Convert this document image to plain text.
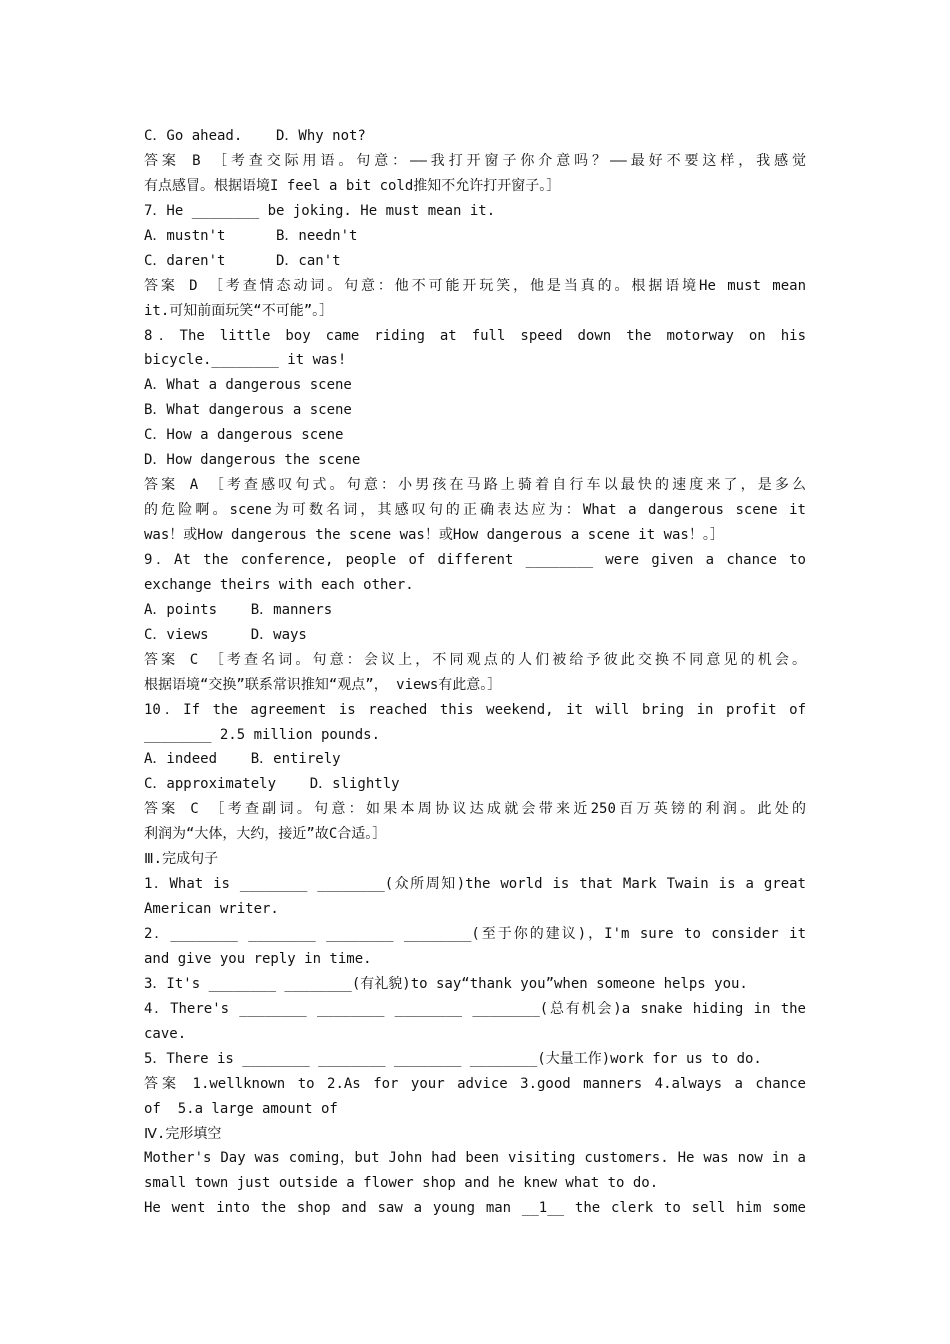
C．Go ahead.    D．Why not?
答案 B ［考查交际用语。句意：——我打开窗子你介意吗？——最好不要这样，我感觉
有点感冒。根据语境I feel a bit cold推知不允许打开窗子。］
7．He ________ be joking. He must mean it.
A．mustn't      B．needn't
C．daren't      D．can't
答案 D ［考查情态动词。句意：他不可能开玩笑，他是当真的。根据语境He must mean
it.可知前面玩笑“不可能”。］
8．The little boy came riding at full speed down the motorway on his
bicycle.________ it was!
A．What a dangerous scene
B．What dangerous a scene
C．How a dangerous scene
D．How dangerous the scene
答案 A ［考查感叹句式。句意：小男孩在马路上骑着自行车以最快的速度来了，是多么
的危险啊。scene为可数名词，其感叹句的正确表达应为：What a dangerous scene it
was！或How dangerous the scene was！或How dangerous a scene it was！。］
9．At the conference, people of different ________ were given a chance to
exchange theirs with each other.
A．points    B．manners
C．views     D．ways
答案 C ［考查名词。句意：会议上，不同观点的人们被给予彼此交换不同意见的机会。
根据语境“交换”联系常识推知“观点”， views有此意。］
10．If the agreement is reached this weekend, it will bring in profit of
________ 2.5 million pounds.
A．indeed    B．entirely
C．approximately    D．slightly
答案 C ［考查副词。句意：如果本周协议达成就会带来近250百万英镑的利润。此处的
利润为“大体，大约，接近”故C合适。］
Ⅲ.完成句子
1．What is ________ ________(众所周知)the world is that Mark Twain is a great
American writer.
2．________ ________ ________ ________(至于你的建议)，I'm sure to consider it
and give you reply in time.
3．It's ________ ________(有礼貌)to say“thank you”when someone helps you.
4．There's ________ ________ ________ ________(总有机会)a snake hiding in the
cave.
5．There is ________ ________ ________ ________(大量工作)work for us to do.
答案 1.wellknown to 2.As for your advice 3.good manners 4.always a chance
of  5.a large amount of
Ⅳ.完形填空
Mother's Day was coming，but John had been visiting customers. He was now in a
small town just outside a flower shop and he knew what to do.
He went into the shop and saw a young man __1__ the clerk to sell him some
